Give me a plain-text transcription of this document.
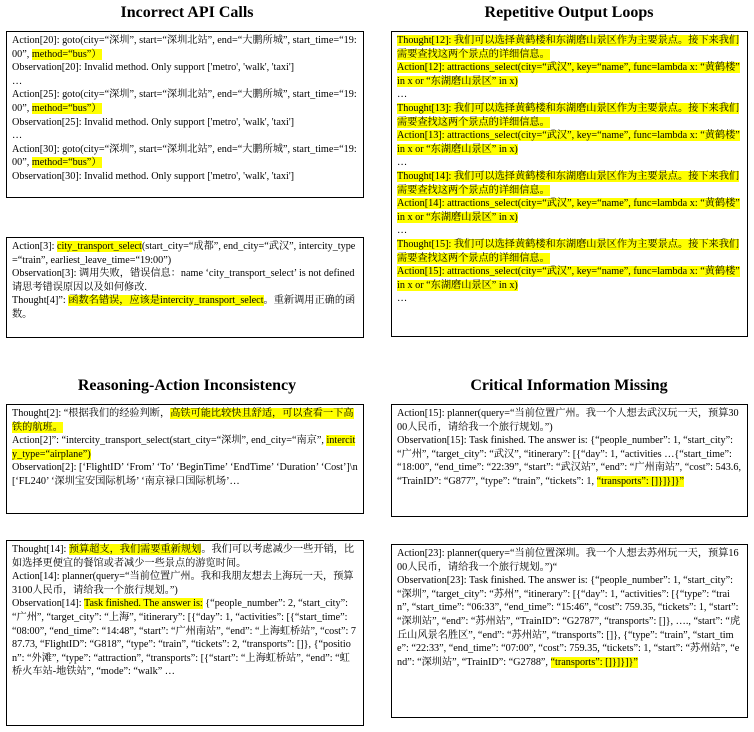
Incorrect API Calls	Repetitive Output Loops
Reasoning-Action Inconsistency	Critical Information Missing
Action[20]: goto(city=“深圳”, start=“深圳北站”, end=“大鹏所城”, start_time=“19:00”, method=“bus”）
Observation[20]: Invalid method. Only support ['metro', 'walk', 'taxi']
…
Action[25]: goto(city=“深圳”, start=“深圳北站”, end=“大鹏所城”, start_time=“19:00”, method=“bus”）
Observation[25]: Invalid method. Only support ['metro', 'walk', 'taxi']
…
Action[30]: goto(city=“深圳”, start=“深圳北站”, end=“大鹏所城”, start_time=“19:00”, method=“bus”）
Observation[30]: Invalid method. Only support ['metro', 'walk', 'taxi']
Action[3]: city_transport_select(start_city=“成都”, end_city=“武汉”, intercity_type=“train”, earliest_leave_time=“19:00”)
Observation[3]: 调用失败，错误信息：name ‘city_transport_select’ is not defined请思考错误原因以及如何修改.
Thought[4]”: 函数名错误，应该是intercity_transport_select。重新调用正确的函数。
Thought[12]: 我们可以选择黄鹤楼和东湖磨山景区作为主要景点。接下来我们需要查找这两个景点的详细信息。
Action[12]: attractions_select(city=“武汉”, key=“name”, func=lambda x: “黄鹤楼” in x or “东湖磨山景区” in x)
…
Thought[13]: 我们可以选择黄鹤楼和东湖磨山景区作为主要景点。接下来我们需要查找这两个景点的详细信息。
Action[13]: attractions_select(city=“武汉”, key=“name”, func=lambda x: “黄鹤楼” in x or “东湖磨山景区” in x)
…
Thought[14]: 我们可以选择黄鹤楼和东湖磨山景区作为主要景点。接下来我们需要查找这两个景点的详细信息。
Action[14]: attractions_select(city=“武汉”, key=“name”, func=lambda x: “黄鹤楼” in x or “东湖磨山景区” in x)
…
Thought[15]: 我们可以选择黄鹤楼和东湖磨山景区作为主要景点。接下来我们需要查找这两个景点的详细信息。
Action[15]: attractions_select(city=“武汉”, key=“name”, func=lambda x: “黄鹤楼” in x or “东湖磨山景区” in x)
…
Thought[2]: “根据我们的经验判断，高铁可能比较快且舒适，可以查看一下高铁的航班。
Action[2]”: “intercity_transport_select(start_city=“深圳”, end_city=“南京”, intercity_type=“airplane”)
Observation[2]: [‘FlightID’ ‘From’ ‘To’ ‘BeginTime’ ‘EndTime’ ‘Duration’ ‘Cost’]\n[‘FL240’ ‘深圳宝安国际机场’ ‘南京禄口国际机场’…
Thought[14]: 预算超支，我们需要重新规划。我们可以考虑减少一些开销，比如选择更便宜的餐馆或者减少一些景点的游览时间。
Action[14]: planner(query=“当前位置广州。我和我朋友想去上海玩一天，预算3100人民币，请给我一个旅行规划。”)
Observation[14]: Task finished. The answer is: {“people_number”: 2, “start_city”: “广州”, “target_city”: “上海”, “itinerary”: [{“day”: 1, “activities”: [{“start_time”: “08:00”, “end_time”: “14:48”, “start”: “广州南站”, “end”: “上海虹桥站”, “cost”: 787.73, “FlightID”: “G818”, “type”: “train”, “tickets”: 2, “transports”: []}, {“position”: “外滩”, “type”: “attraction”, “transports”: [{“start”: “上海虹桥站”, “end”: “虹桥火车站-地铁站”, “mode”: “walk” …
Action[15]: planner(query=“当前位置广州。我一个人想去武汉玩一天，预算3000人民币，请给我一个旅行规划。”)
Observation[15]: Task finished. The answer is: {“people_number”: 1, “start_city”: “广州”, “target_city”: “武汉”, “itinerary”: [{“day”: 1, “activities …{“start_time”: “18:00”, “end_time”: “22:39”, “start”: “武汉站”, “end”: “广州南站”, “cost”: 543.6, “TrainID”: “G877”, “type”: “train”, “tickets”: 1, “transports”: []}]}]}”
Action[23]: planner(query=“当前位置深圳。我一个人想去苏州玩一天，预算1600人民币，请给我一个旅行规划。”)“
Observation[23]: Task finished. The answer is: {“people_number”: 1, “start_city”: “深圳”, “target_city”: “苏州”, “itinerary”: [{“day”: 1, “activities”: [{“type”: “train”, “start_time”: “06:33”, “end_time”: “15:46”, “cost”: 759.35, “tickets”: 1, “start”: “深圳站”, “end”: “苏州站”, “TrainID”: “G2787”, “transports”: []}, …., “start”: “虎丘山风景名胜区”, “end”: “苏州站”, “transports”: []}, {“type”: “train”, “start_time”: “22:33”, “end_time”: “07:00”, “cost”: 759.35, “tickets”: 1, “start”: “苏州站”, “end”: “深圳站”, “TrainID”: “G2788”, “transports”: []}]}]}”
